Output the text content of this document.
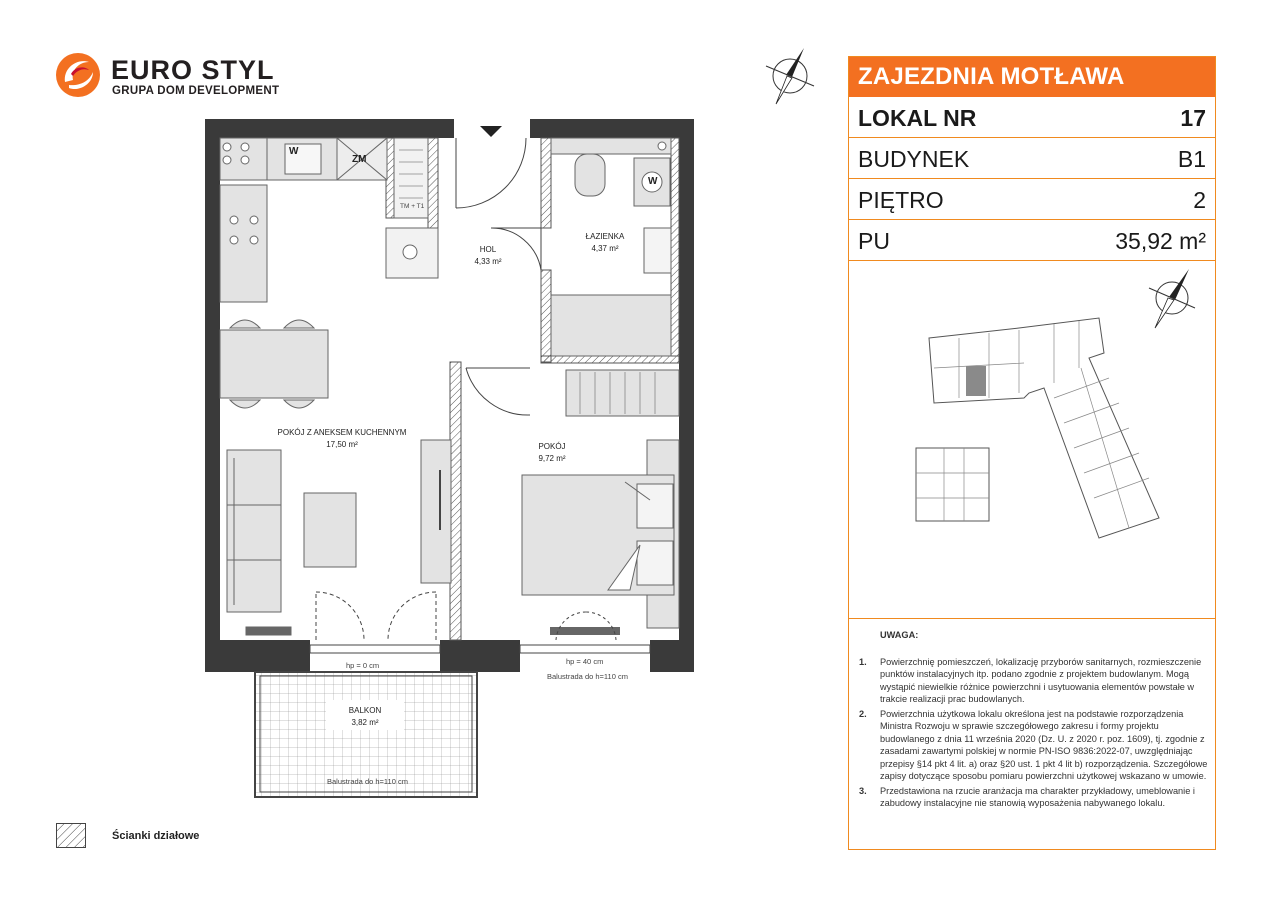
EURO STYL
GRUPA DOM DEVELOPMENT
POKÓJ Z ANEKSEM KUCHENNYM
17,50 m²
HOL
4,33 m²
ŁAZIENKA
4,37 m²
POKÓJ
9,72 m²
BALKON
3,82 m²
W
ZM
TM + T1
W
hp = 0 cm	hp = 40 cm
Balustrada do h=110 cm
Balustrada do h=110 cm
ZAJEZDNIA MOTŁAWA
LOKAL NR	17
BUDYNEK	B1
PIĘTRO	2
PU	35,92 m²
UWAGA:
1. Powierzchnię pomieszczeń, lokalizację przyborów sanitarnych, rozmieszczenie punktów instalacyjnych itp. podano zgodnie z projektem budowlanym. Mogą wystąpić niewielkie różnice powierzchni i usytuowania elementów powstałe w trakcie realizacji prac budowlanych.
2. Powierzchnia użytkowa lokalu określona jest na podstawie rozporządzenia Ministra Rozwoju w sprawie szczegółowego zakresu i formy projektu budowlanego z dnia 11 września 2020 (Dz. U. z 2020 r. poz. 1609), tj. zgodnie z zasadami zawartymi polskiej w normie PN-ISO 9836:2022-07, uwzględniając przepisy §14 pkt 4 lit. a) oraz §20 ust. 1 pkt 4 lit b) rozporządzenia. Szczegółowe zapisy dotyczące sposobu pomiaru powierzchni użytkowej wskazano w umowie.
3. Przedstawiona na rzucie aranżacja ma charakter przykładowy, umeblowanie i zabudowy instalacyjne nie stanowią wyposażenia nabywanego lokalu.
Ścianki działowe
